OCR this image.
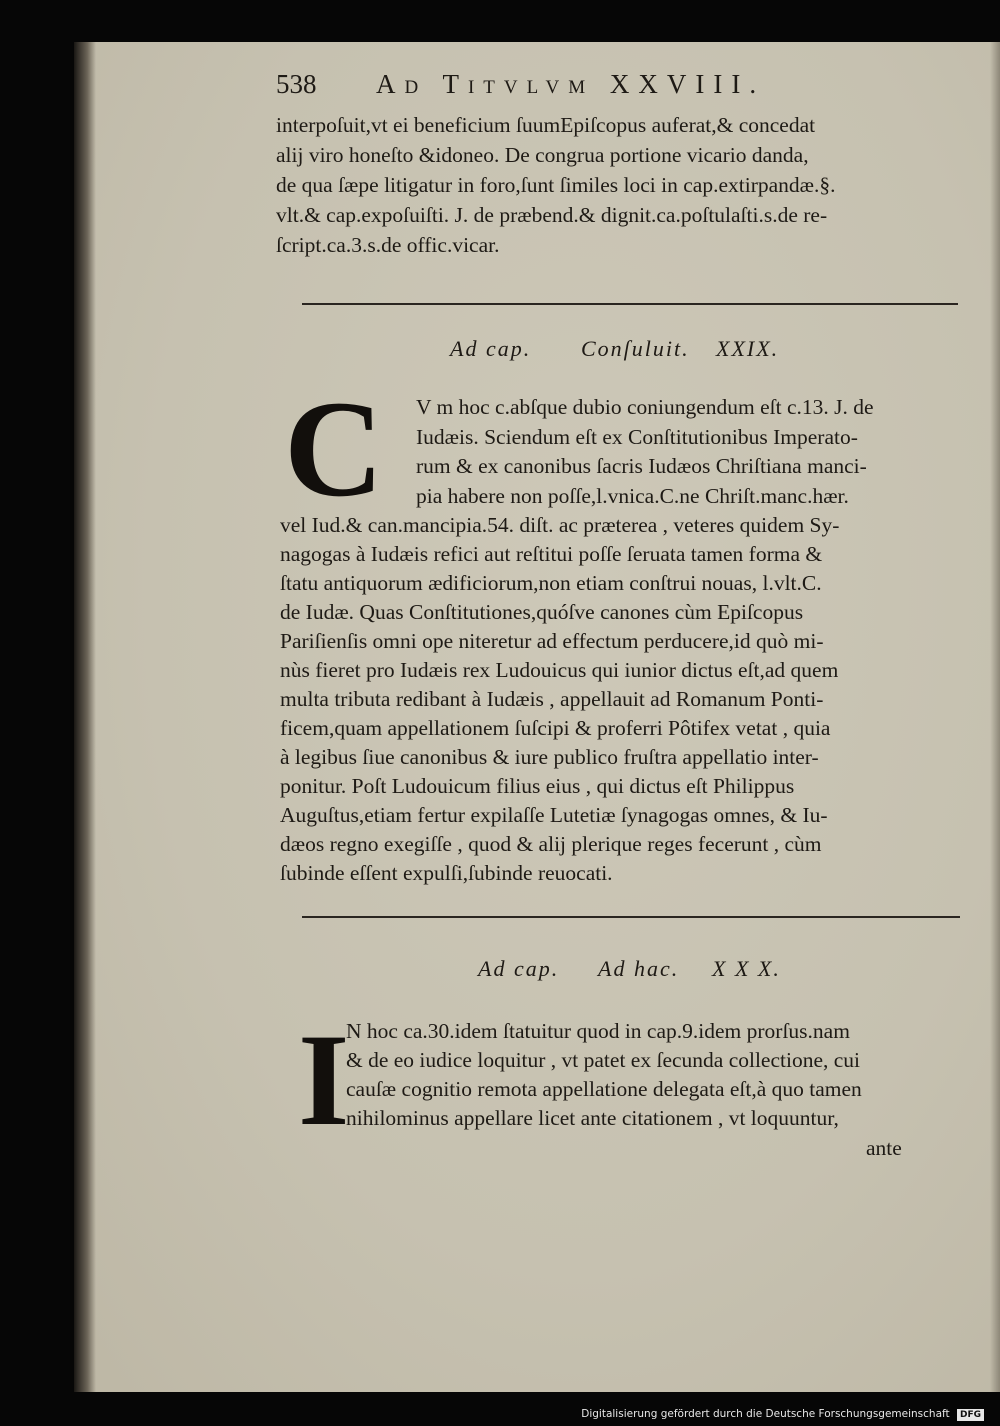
538 Ad Titvlvm XXVIII.
interpoſuit,vt ei beneficium ſuumEpiſcopus auferat,& concedat
alij viro honeſto &idoneo. De congrua portione vicario danda,
de qua ſæpe litigatur in foro,ſunt ſimiles loci in cap.extirpandæ.§.
vlt.& cap.expoſuiſti. J. de præbend.& dignit.ca.poſtulaſti.s.de re-
ſcript.ca.3.s.de offic.vicar.
Ad cap. Conſuluit. XXIX.
C V m hoc c.abſque dubio coniungendum eſt c.13. J. de
Iudæis. Sciendum eſt ex Conſtitutionibus Imperato-
rum & ex canonibus ſacris Iudæos Chriſtiana manci-
pia habere non poſſe,l.vnica.C.ne Chriſt.manc.hær.
vel Iud.& can.mancipia.54. diſt. ac præterea , veteres quidem Sy-
nagogas à Iudæis refici aut reſtitui poſſe ſeruata tamen forma &
ſtatu antiquorum ædificiorum,non etiam conſtrui nouas, l.vlt.C.
de Iudæ. Quas Conſtitutiones,quóſve canones cùm Epiſcopus
Pariſienſis omni ope niteretur ad effectum perducere,id quò mi-
nùs fieret pro Iudæis rex Ludouicus qui iunior dictus eſt,ad quem
multa tributa redibant à Iudæis , appellauit ad Romanum Ponti-
ficem,quam appellationem ſuſcipi & proferri Pôtifex vetat , quia
à legibus ſiue canonibus & iure publico fruſtra appellatio inter-
ponitur. Poſt Ludouicum filius eius , qui dictus eſt Philippus
Auguſtus,etiam fertur expilaſſe Lutetiæ ſynagogas omnes, & Iu-
dæos regno exegiſſe , quod & alij plerique reges fecerunt , cùm
ſubinde eſſent expulſi,ſubinde reuocati.
Ad cap. Ad hac. X X X.
I
N hoc ca.30.idem ſtatuitur quod in cap.9.idem prorſus.nam
& de eo iudice loquitur , vt patet ex ſecunda collectione, cui
cauſæ cognitio remota appellatione delegata eſt,à quo tamen
nihilominus appellare licet ante citationem , vt loquuntur,
ante
Digitalisierung gefördert durch die Deutsche Forschungsgemeinschaft DFG
